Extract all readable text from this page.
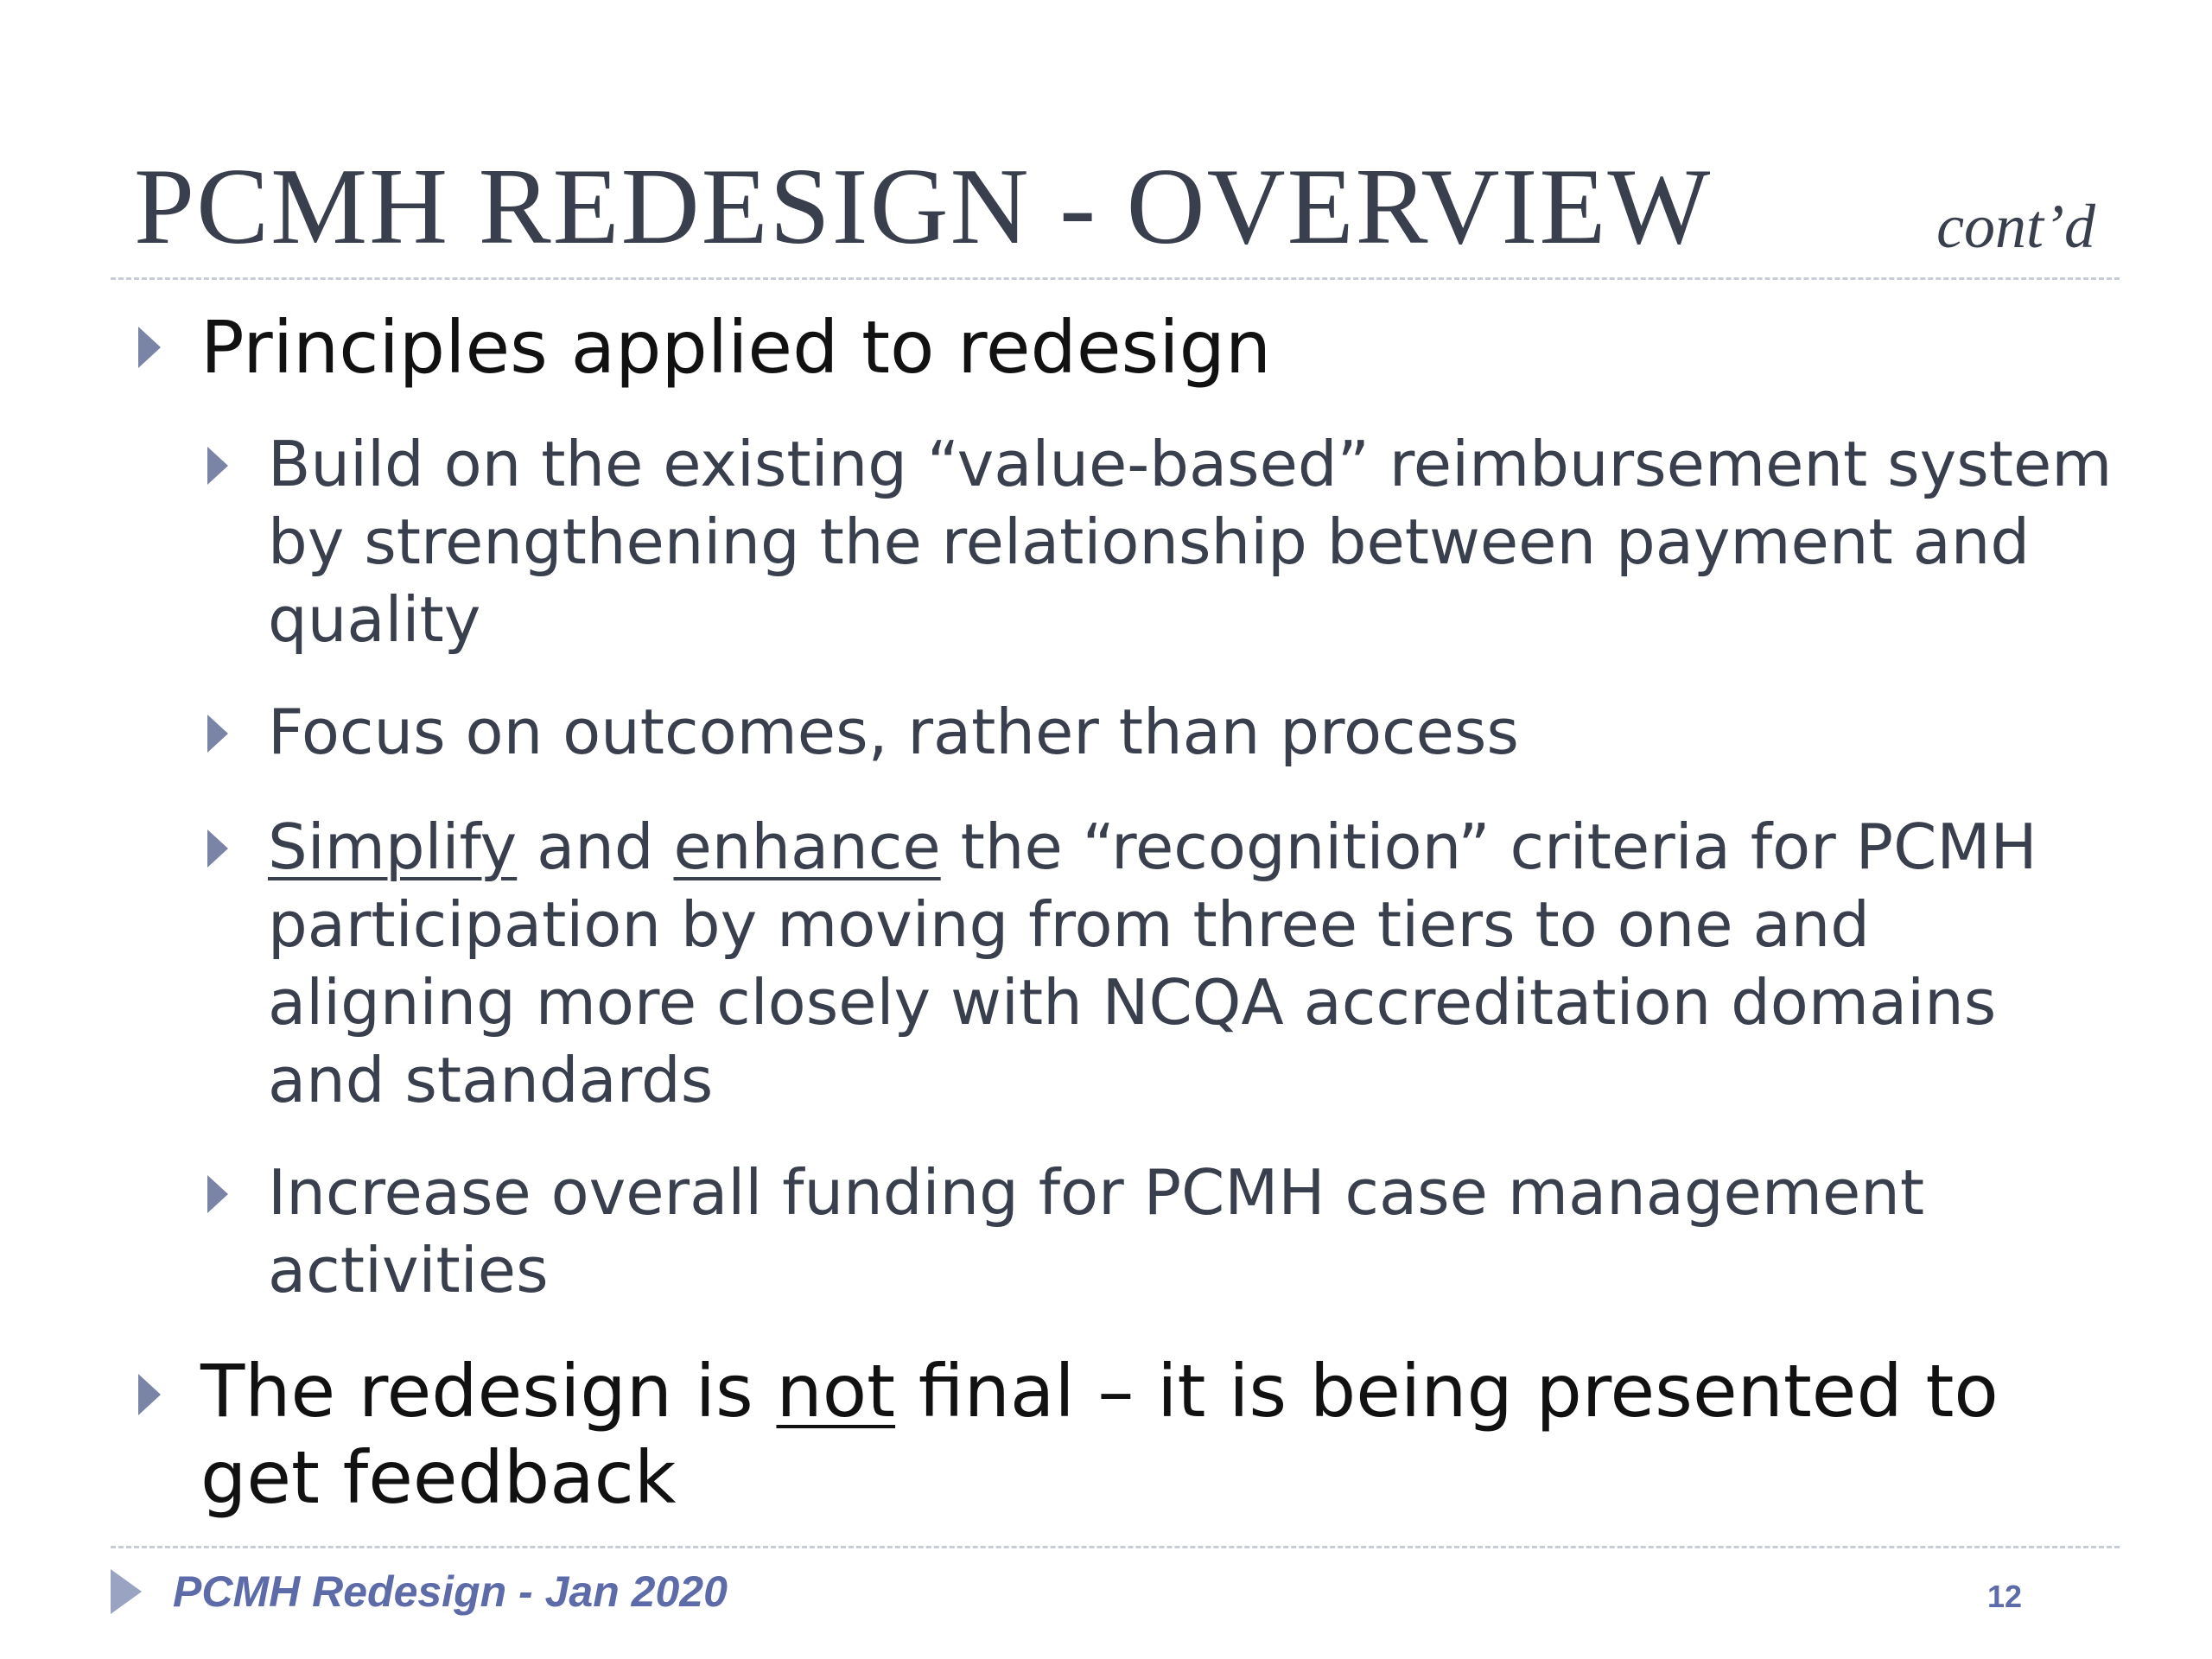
PCMH REDESIGN - OVERVIEW	cont’d
Principles applied to redesign
Build on the existing “value-based” reimbursement system by strengthening the relationship between payment and quality
Focus on outcomes, rather than process
Simplify and enhance the “recognition” criteria for PCMH participation by moving from three tiers to one and aligning more closely with NCQA accreditation domains and standards
Increase overall funding for PCMH case management activities
The redesign is not final – it is being presented to get feedback
PCMH Redesign - Jan 2020	12
